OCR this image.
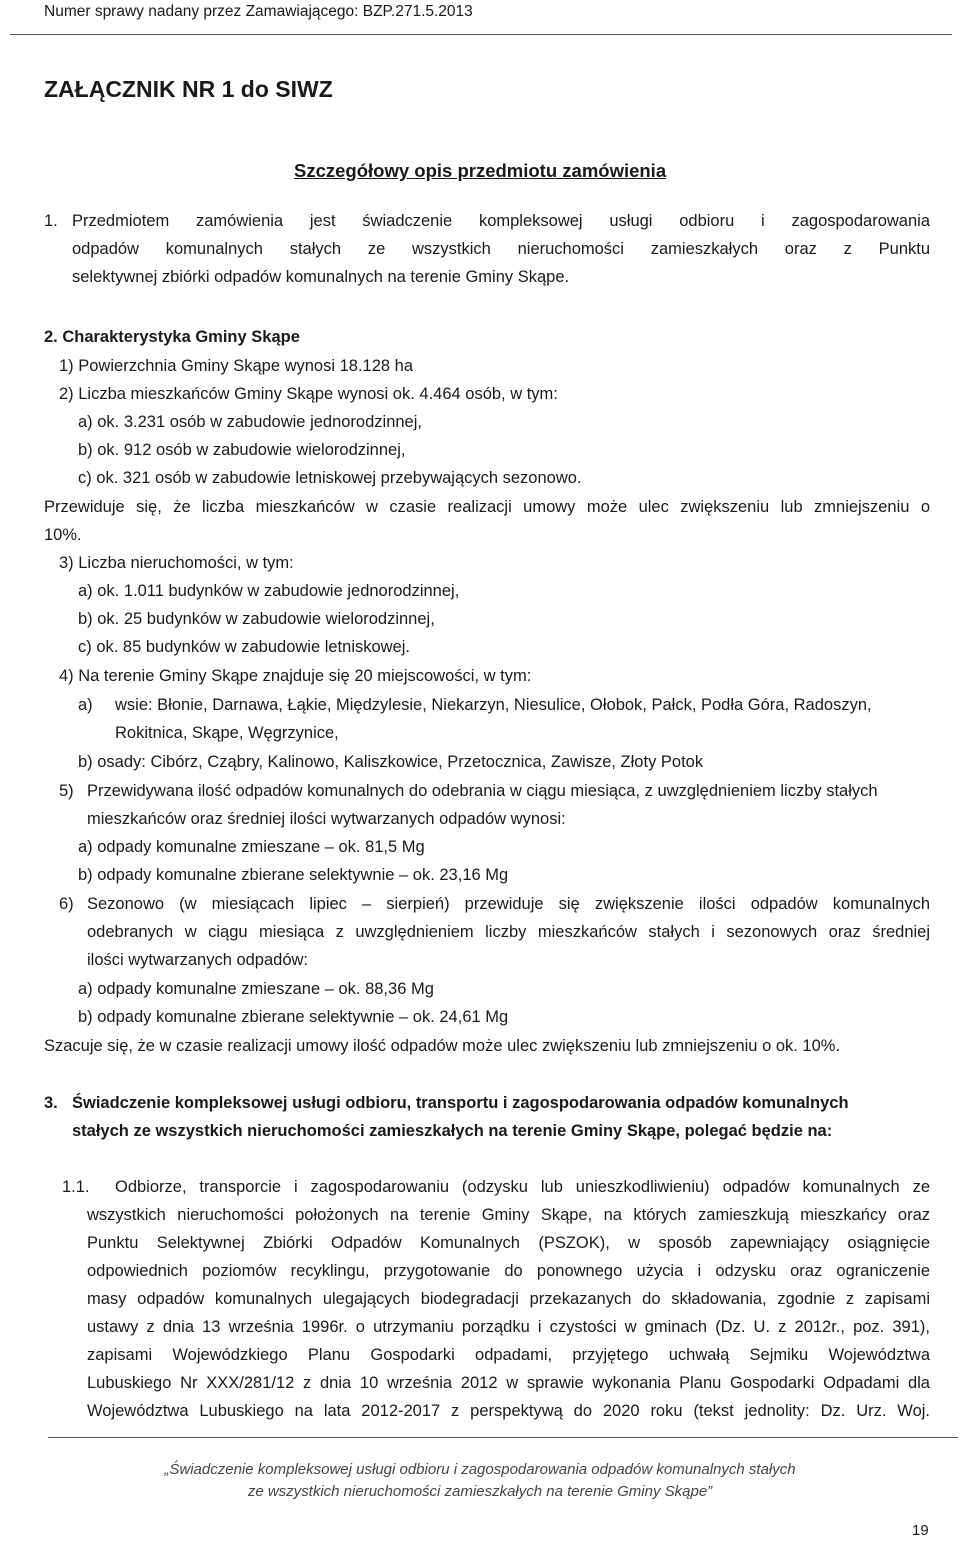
Numer sprawy nadany przez Zamawiającego: BZP.271.5.2013
ZAŁĄCZNIK NR 1 do SIWZ
Szczegółowy opis przedmiotu zamówienia
1. Przedmiotem zamówienia jest świadczenie kompleksowej usługi odbioru i zagospodarowania
odpadów komunalnych stałych ze wszystkich nieruchomości zamieszkałych oraz z Punktu
selektywnej zbiórki odpadów komunalnych na terenie Gminy Skąpe.
2. Charakterystyka Gminy Skąpe
1) Powierzchnia Gminy Skąpe wynosi 18.128 ha
2) Liczba mieszkańców Gminy Skąpe wynosi ok. 4.464 osób, w tym:
a) ok. 3.231 osób w zabudowie jednorodzinnej,
b) ok. 912 osób w zabudowie wielorodzinnej,
c) ok. 321 osób w zabudowie letniskowej przebywających sezonowo.
Przewiduje się, że liczba mieszkańców w czasie realizacji umowy może ulec zwiększeniu lub zmniejszeniu o
10%.
3) Liczba nieruchomości, w tym:
a) ok. 1.011 budynków w zabudowie jednorodzinnej,
b) ok. 25 budynków w zabudowie wielorodzinnej,
c) ok. 85 budynków w zabudowie letniskowej.
4) Na terenie Gminy Skąpe znajduje się 20 miejscowości, w tym:
a) wsie: Błonie, Darnawa, Łąkie, Międzylesie, Niekarzyn, Niesulice, Ołobok, Pałck, Podła Góra, Radoszyn,
Rokitnica, Skąpe, Węgrzynice,
b) osady: Cibórz, Cząbry, Kalinowo, Kaliszkowice, Przetocznica, Zawisze, Złoty Potok
5) Przewidywana ilość odpadów komunalnych do odebrania w ciągu miesiąca, z uwzględnieniem liczby stałych
mieszkańców oraz średniej ilości wytwarzanych odpadów wynosi:
a) odpady komunalne zmieszane – ok. 81,5 Mg
b) odpady komunalne zbierane selektywnie – ok. 23,16 Mg
6) Sezonowo (w miesiącach lipiec – sierpień) przewiduje się zwiększenie ilości odpadów komunalnych
odebranych w ciągu miesiąca z uwzględnieniem liczby mieszkańców stałych i sezonowych oraz średniej
ilości wytwarzanych odpadów:
a) odpady komunalne zmieszane – ok. 88,36 Mg
b) odpady komunalne zbierane selektywnie – ok. 24,61 Mg
Szacuje się, że w czasie realizacji umowy ilość odpadów może ulec zwiększeniu lub zmniejszeniu o ok. 10%.
3. Świadczenie kompleksowej usługi odbioru, transportu i zagospodarowania odpadów komunalnych
stałych ze wszystkich nieruchomości zamieszkałych na terenie Gminy Skąpe, polegać będzie na:
1.1. Odbiorze, transporcie i zagospodarowaniu (odzysku lub unieszkodliwieniu) odpadów komunalnych ze
wszystkich nieruchomości położonych na terenie Gminy Skąpe, na których zamieszkują mieszkańcy oraz
Punktu Selektywnej Zbiórki Odpadów Komunalnych (PSZOK), w sposób zapewniający osiągnięcie
odpowiednich poziomów recyklingu, przygotowanie do ponownego użycia i odzysku oraz ograniczenie
masy odpadów komunalnych ulegających biodegradacji przekazanych do składowania, zgodnie z zapisami
ustawy z dnia 13 września 1996r. o utrzymaniu porządku i czystości w gminach (Dz. U. z 2012r., poz. 391),
zapisami Wojewódzkiego Planu Gospodarki odpadami, przyjętego uchwałą Sejmiku Województwa
Lubuskiego Nr XXX/281/12 z dnia 10 września 2012 w sprawie wykonania Planu Gospodarki Odpadami dla
Województwa Lubuskiego na lata 2012-2017 z perspektywą do 2020 roku (tekst jednolity: Dz. Urz. Woj.
„Świadczenie kompleksowej usługi odbioru i zagospodarowania odpadów komunalnych stałych
ze wszystkich nieruchomości zamieszkałych na terenie Gminy Skąpe”
19
